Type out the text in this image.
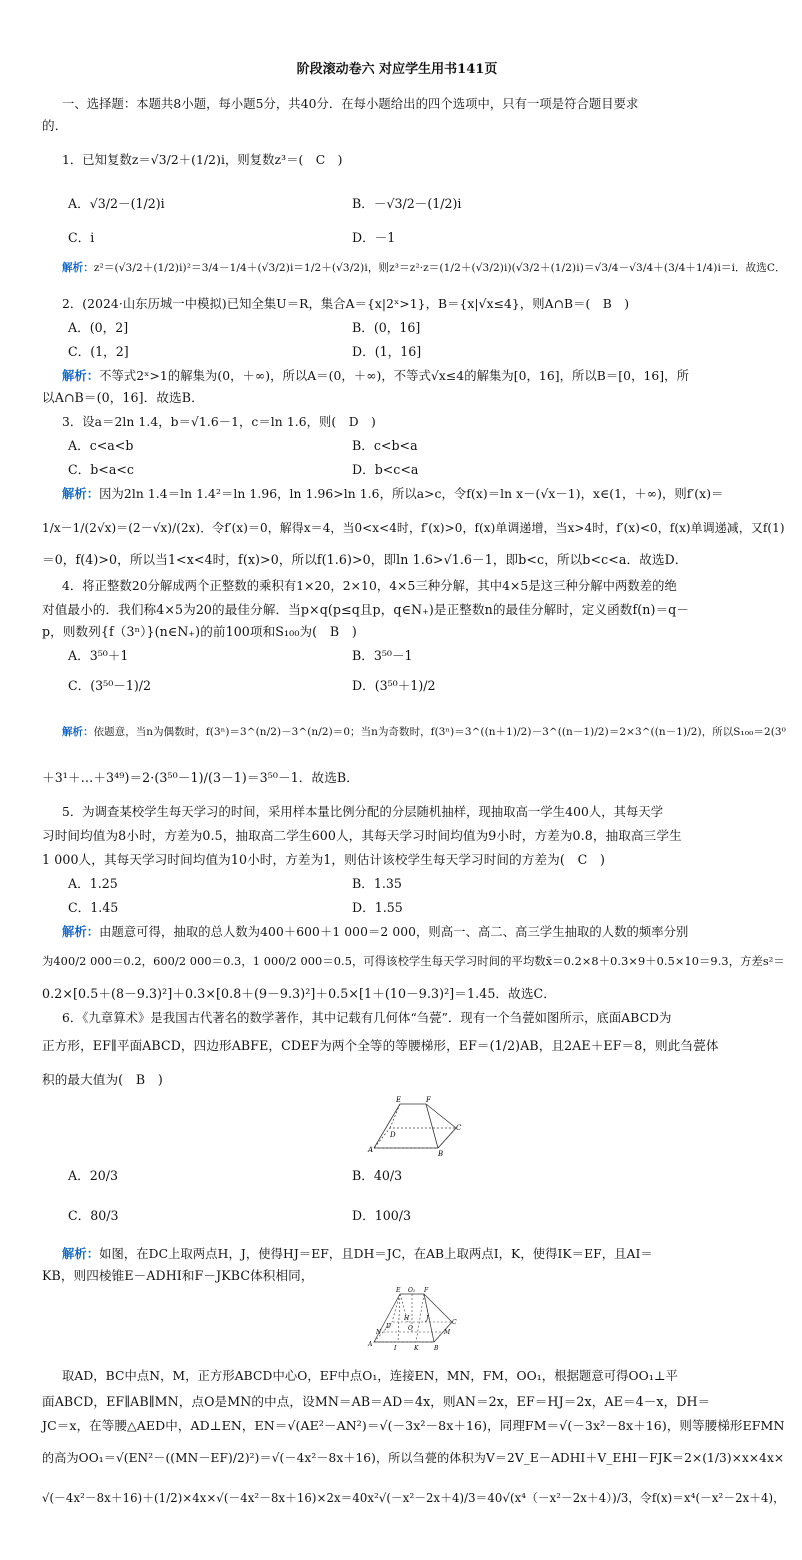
阶段滚动卷六 对应学生用书141页
一、选择题：本题共8小题，每小题5分，共40分．在每小题给出的四个选项中，只有一项是符合题目要求
的．
1．已知复数z＝√3/2＋(1/2)i，则复数z³＝(　C　)
A．√3/2－(1/2)i	B．－√3/2－(1/2)i
C．i	D．－1
解析：z²＝(√3/2＋(1/2)i)²＝3/4－1/4＋(√3/2)i＝1/2＋(√3/2)i，则z³＝z²·z＝(1/2＋(√3/2)i)(√3/2＋(1/2)i)＝√3/4－√3/4＋(3/4＋1/4)i＝i．故选C．
2．(2024·山东历城一中模拟)已知全集U＝R，集合A＝{x|2ˣ>1}，B＝{x|√x≤4}，则A∩B＝(　B　)
A．(0，2]	B．(0，16]
C．(1，2]	D．(1，16]
解析：不等式2ˣ>1的解集为(0，＋∞)，所以A＝(0，＋∞)，不等式√x≤4的解集为[0，16]，所以B＝[0，16]，所
以A∩B＝(0，16]．故选B．
3．设a＝2ln 1.4，b＝√1.6－1，c＝ln 1.6，则(　D　)
A．c<a<b	B．c<b<a
C．b<a<c	D．b<c<a
解析：因为2ln 1.4＝ln 1.4²＝ln 1.96，ln 1.96>ln 1.6，所以a>c，令f(x)＝ln x－(√x－1)，x∈(1，＋∞)，则f′(x)＝
1/x－1/(2√x)＝(2－√x)/(2x)．令f′(x)＝0，解得x＝4，当0<x<4时，f′(x)>0，f(x)单调递增，当x>4时，f′(x)<0，f(x)单调递减，又f(1)
＝0，f(4)>0，所以当1<x<4时，f(x)>0，所以f(1.6)>0，即ln 1.6>√1.6－1，即b<c，所以b<c<a．故选D．
4．将正整数20分解成两个正整数的乘积有1×20，2×10，4×5三种分解，其中4×5是这三种分解中两数差的绝
对值最小的．我们称4×5为20的最佳分解．当p×q(p≤q且p，q∈N₊)是正整数n的最佳分解时，定义函数f(n)＝q－
p，则数列{f（3ⁿ）}(n∈N₊)的前100项和S₁₀₀为(　B　)
A．3⁵⁰＋1	B．3⁵⁰－1
C．(3⁵⁰－1)/2	D．(3⁵⁰＋1)/2
解析：依题意，当n为偶数时，f(3ⁿ)＝3^(n/2)－3^(n/2)＝0；当n为奇数时，f(3ⁿ)＝3^((n＋1)/2)－3^((n－1)/2)＝2×3^((n－1)/2)，所以S₁₀₀＝2(3⁰
＋3¹＋…＋3⁴⁹)＝2·(3⁵⁰－1)/(3－1)＝3⁵⁰－1．故选B．
5．为调查某校学生每天学习的时间，采用样本量比例分配的分层随机抽样，现抽取高一学生400人，其每天学
习时间均值为8小时，方差为0.5，抽取高二学生600人，其每天学习时间均值为9小时，方差为0.8，抽取高三学生
1 000人，其每天学习时间均值为10小时，方差为1，则估计该校学生每天学习时间的方差为(　C　)
A．1.25	B．1.35
C．1.45	D．1.55
解析：由题意可得，抽取的总人数为400＋600＋1 000＝2 000，则高一、高二、高三学生抽取的人数的频率分别
为400/2 000＝0.2，600/2 000＝0.3，1 000/2 000＝0.5，可得该校学生每天学习时间的平均数x̄＝0.2×8＋0.3×9＋0.5×10＝9.3，方差s²＝
0.2×[0.5＋(8－9.3)²]＋0.3×[0.8＋(9－9.3)²]＋0.5×[1＋(10－9.3)²]＝1.45．故选C．
6．《九章算术》是我国古代著名的数学著作，其中记载有几何体“刍甍”．现有一个刍甍如图所示，底面ABCD为
正方形，EF∥平面ABCD，四边形ABFE，CDEF为两个全等的等腰梯形，EF＝(1/2)AB，且2AE＋EF＝8，则此刍甍体
积的最大值为(　B　)
E	F
A	B
C
D
A．20/3	B．40/3
C．80/3	D．100/3
解析：如图，在DC上取两点H，J，使得HJ＝EF，且DH＝JC，在AB上取两点I，K，使得IK＝EF，且AI＝
KB，则四棱锥E－ADHI和F－JKBC体积相同，
E O₁ F
A
B
C
D
H	J
I	K
O
N	M
取AD，BC中点N，M，正方形ABCD中心O，EF中点O₁，连接EN，MN，FM，OO₁，根据题意可得OO₁⊥平
面ABCD，EF∥AB∥MN，点O是MN的中点，设MN＝AB＝AD＝4x，则AN＝2x，EF＝HJ＝2x，AE＝4－x，DH＝
JC＝x，在等腰△AED中，AD⊥EN，EN＝√(AE²－AN²)＝√(－3x²－8x＋16)，同理FM＝√(－3x²－8x＋16)，则等腰梯形EFMN
的高为OO₁＝√(EN²－((MN－EF)/2)²)＝√(－4x²－8x＋16)，所以刍甍的体积为V＝2V_E－ADHI＋V_EHI－FJK＝2×(1/3)×x×4x×
√(－4x²－8x＋16)＋(1/2)×4x×√(－4x²－8x＋16)×2x＝40x²√(－x²－2x＋4)/3＝40√(x⁴（－x²－2x＋4）)/3，令f(x)＝x⁴(－x²－2x＋4)，
